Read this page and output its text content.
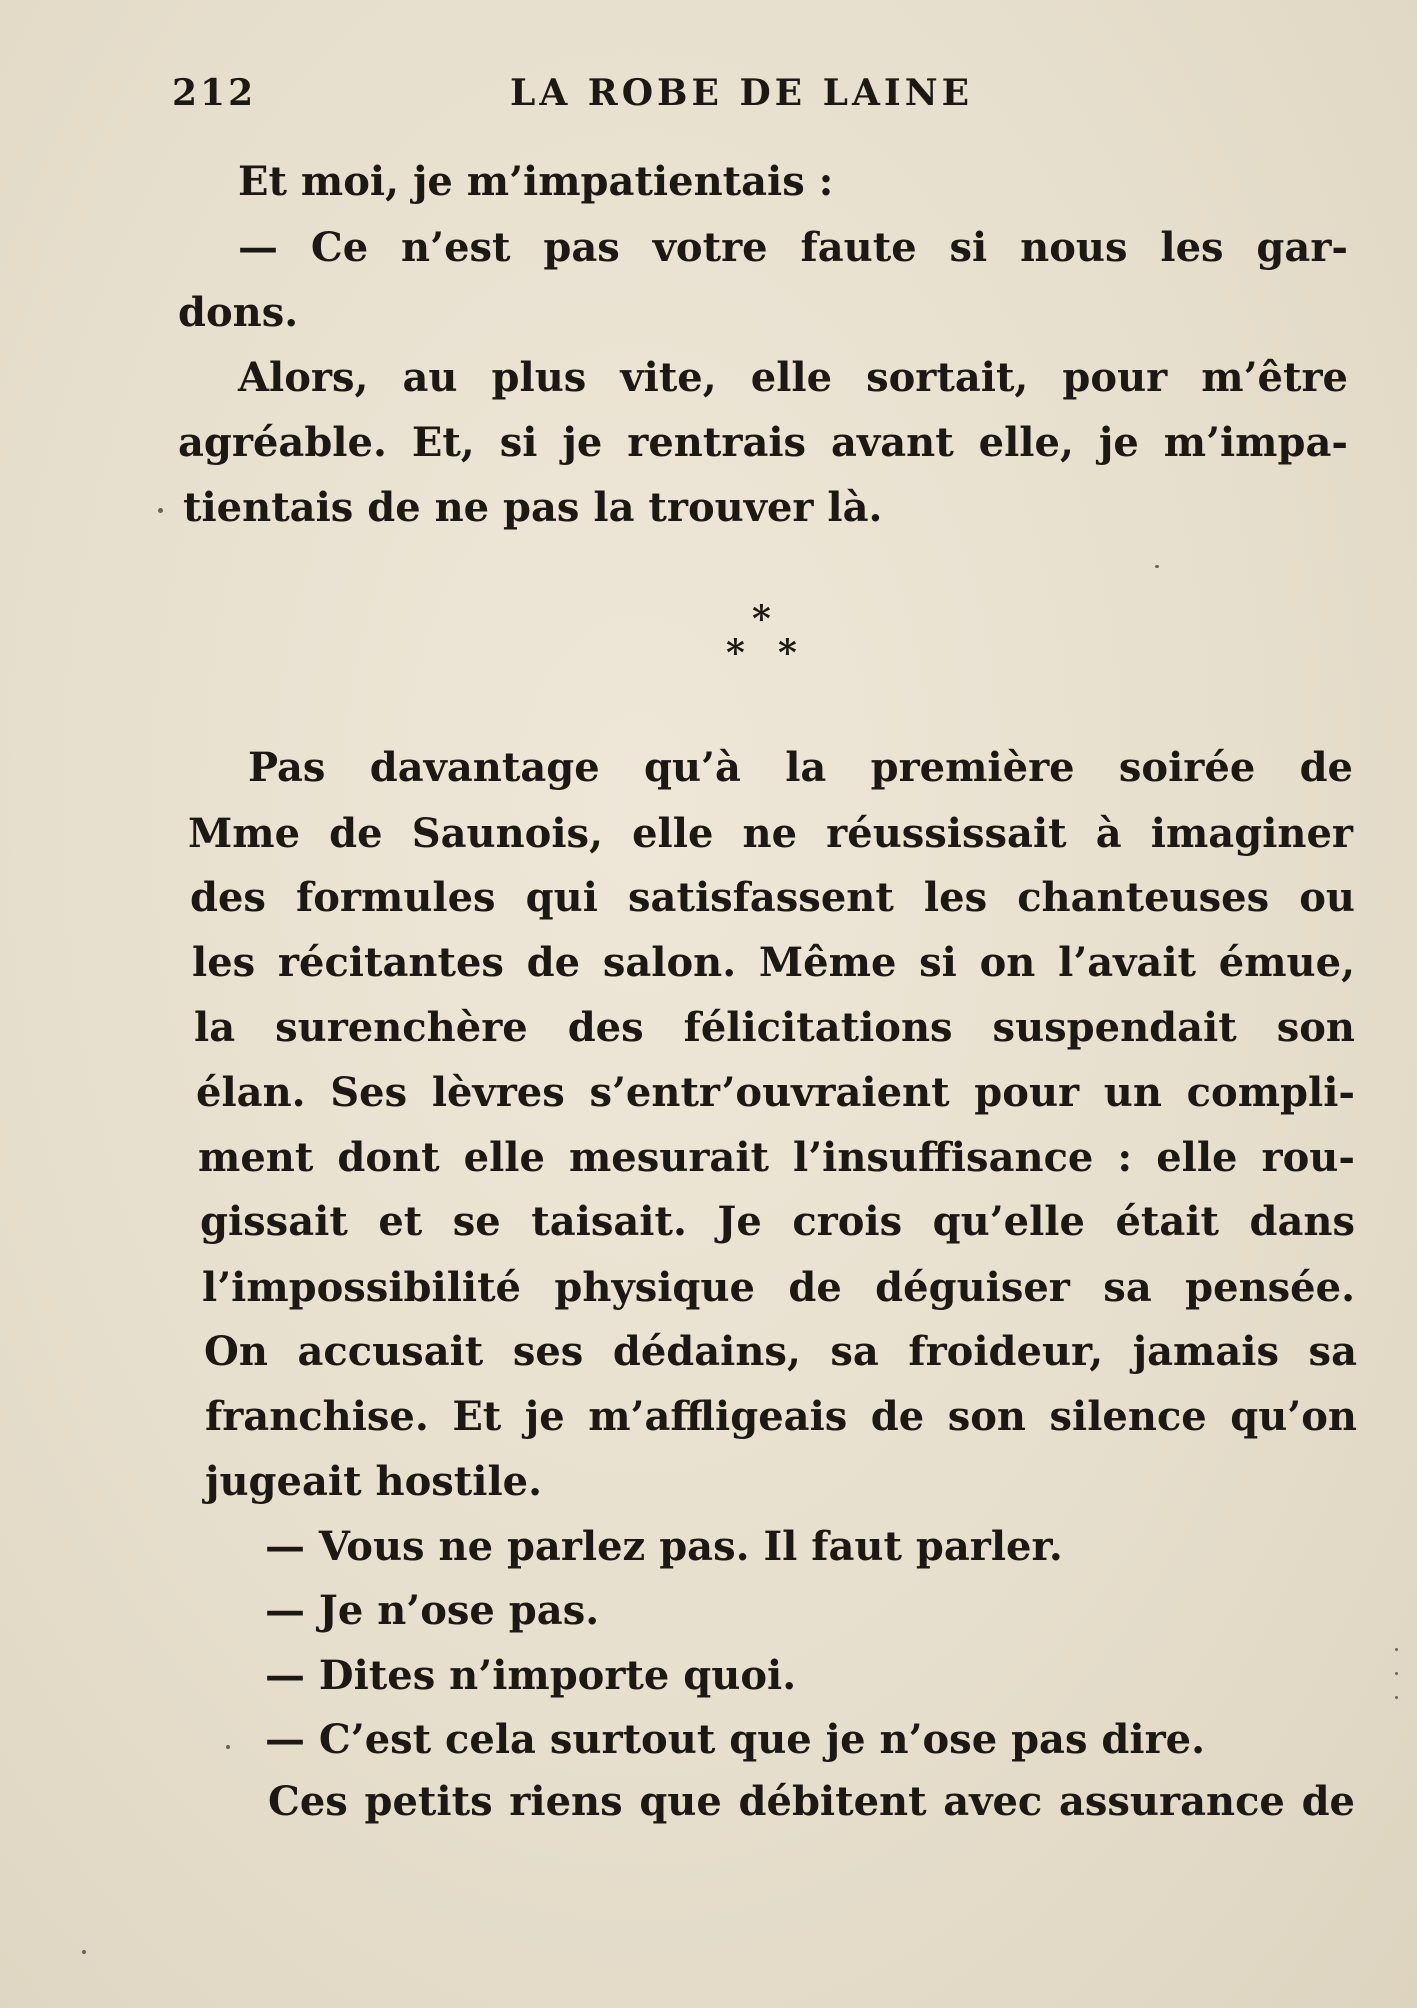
212	LA ROBE DE LAINE
Et moi, je m’impatientais :
— Ce n’est pas votre faute si nous les gar-
dons.
Alors, au plus vite, elle sortait, pour m’être
agréable. Et, si je rentrais avant elle, je m’impa-
tientais de ne pas la trouver là.
*
* *
Pas davantage qu’à la première soirée de
Mme de Saunois, elle ne réussissait à imaginer
des formules qui satisfassent les chanteuses ou
les récitantes de salon. Même si on l’avait émue,
la surenchère des félicitations suspendait son
élan. Ses lèvres s’entr’ouvraient pour un compli-
ment dont elle mesurait l’insuffisance : elle rou-
gissait et se taisait. Je crois qu’elle était dans
l’impossibilité physique de déguiser sa pensée.
On accusait ses dédains, sa froideur, jamais sa
franchise. Et je m’affligeais de son silence qu’on
jugeait hostile.
— Vous ne parlez pas. Il faut parler.
— Je n’ose pas.
— Dites n’importe quoi.
— C’est cela surtout que je n’ose pas dire.
Ces petits riens que débitent avec assurance de
